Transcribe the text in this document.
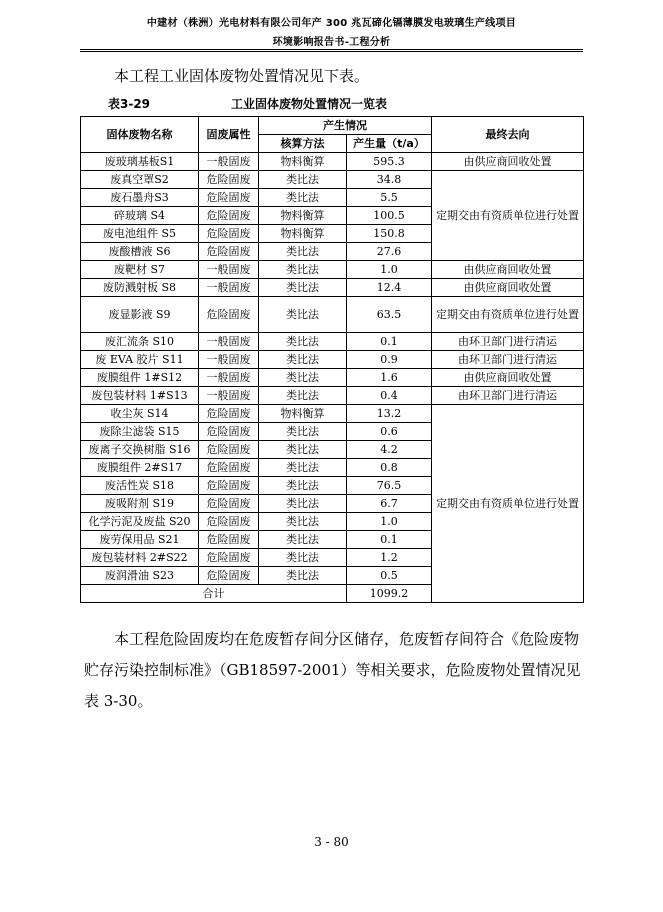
中建材（株洲）光电材料有限公司年产 300 兆瓦碲化镉薄膜发电玻璃生产线项目
环境影响报告书-工程分析
本工程工业固体废物处置情况见下表。
表3-29	工业固体废物处置情况一览表
固体废物名称	固废属性	产生情况		最终去向	
		核算方法	产生量（t/a）		
废玻璃基板S1	一般固废	物料衡算	595.3	由供应商回收处置	
废真空罩S2	危险固废	类比法	34.8	定期交由有资质单位进行处置	
废石墨舟S3	危险固废	类比法	5.5		
碎玻璃 S4	危险固废	物料衡算	100.5		
废电池组件 S5	危险固废	物料衡算	150.8		
废酸槽液 S6	危险固废	类比法	27.6		
废靶材 S7	一般固废	类比法	1.0	由供应商回收处置	
废防溅射板 S8	一般固废	类比法	12.4	由供应商回收处置	
废显影液 S9	危险固废	类比法	63.5	定期交由有资质单位进行处置	
废汇流条 S10	一般固废	类比法	0.1	由环卫部门进行清运	
废 EVA 胶片 S11	一般固废	类比法	0.9	由环卫部门进行清运	
废膜组件 1#S12	一般固废	类比法	1.6	由供应商回收处置	
废包装材料 1#S13	一般固废	类比法	0.4	由环卫部门进行清运	
收尘灰 S14	危险固废	物料衡算	13.2	定期交由有资质单位进行处置	
废除尘滤袋 S15	危险固废	类比法	0.6		
废离子交换树脂 S16	危险固废	类比法	4.2		
废膜组件 2#S17	危险固废	类比法	0.8		
废活性炭 S18	危险固废	类比法	76.5		
废吸附剂 S19	危险固废	类比法	6.7		
化学污泥及废盐 S20	危险固废	类比法	1.0		
废劳保用品 S21	危险固废	类比法	0.1		
废包装材料 2#S22	危险固废	类比法	1.2		
废润滑油 S23	危险固废	类比法	0.5		
合计			1099.2		
本工程危险固废均在危废暂存间分区储存，危废暂存间符合《危险废物贮存污染控制标准》（GB18597-2001）等相关要求，危险废物处置情况见表 3-30。
3 - 80
